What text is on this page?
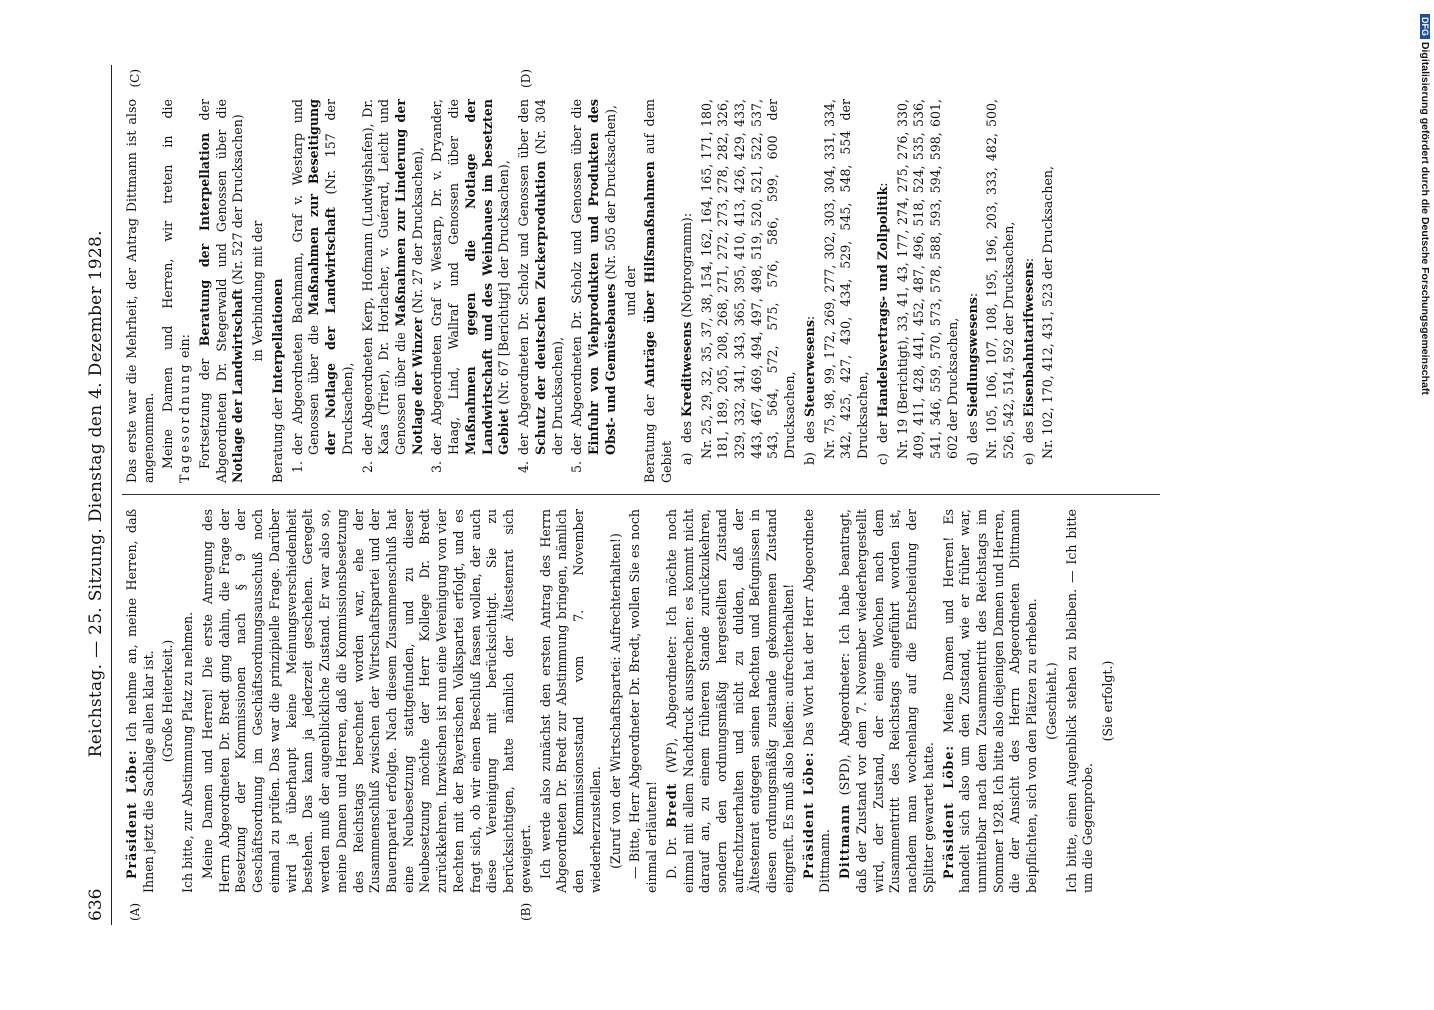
636
Reichstag. — 25. Sitzung. Dienstag den 4. Dezember 1928.
(A)	(B)

Präsident Löbe: Ich nehme an, meine Herren, daß Ihnen jetzt die Sachlage allen klar ist. (Große Heiterkeit.) Ich bitte, zur Abstimmung Platz zu nehmen. Meine Damen und Herren! Die erste Anregung des Herrn Abgeordneten Dr. Bredt ging dahin, die Frage der Besetzung der Kommissionen nach § 9 der Geschäftsordnung im Geschäftsordnungsausschuß noch einmal zu prüfen. Das war die prinzipielle Frage. Darüber wird ja überhaupt keine Meinungsverschiedenheit bestehen. Das kann ja jederzeit geschehen. Geregelt werden muß der augenblickliche Zustand. Er war also so, meine Damen und Herren, daß die Kommissionsbesetzung des Reichstags berechnet worden war, ehe der Zusammenschluß zwischen der Wirtschaftspartei und der Bauernpartei erfolgte. Nach diesem Zusammenschluß hat eine Neubesetzung stattgefunden, und zu dieser Neubesetzung möchte der Herr Kollege Dr. Bredt zurückkehren. Inzwischen ist nun eine Vereinigung von vier Rechten mit der Bayerischen Volkspartei erfolgt, und es fragt sich, ob wir einen Beschluß fassen wollen, der auch diese Vereinigung mit berücksichtigt. Sie zu berücksichtigen, hatte nämlich der Ältestenrat sich geweigert. Ich werde also zunächst den ersten Antrag des Herrn Abgeordneten Dr. Bredt zur Abstimmung bringen, nämlich den Kommissionsstand vom 7. November wiederherzustellen. (Zuruf von der Wirtschaftspartei: Aufrechterhalten!) — Bitte, Herr Abgeordneter Dr. Bredt, wollen Sie es noch einmal erläutern! D. Dr. Bredt (WP), Abgeordneter: Ich möchte noch einmal mit allem Nachdruck aussprechen: es kommt nicht darauf an, zu einem früheren Stande zurückzukehren, sondern den ordnungsmäßig hergestellten Zustand aufrechtzuerhalten und nicht zu dulden, daß der Ältestenrat entgegen seinen Rechten und Befugnissen in diesen ordnungsmäßig zustande gekommenen Zustand eingreift. Es muß also heißen: aufrechterhalten! Präsident Löbe: Das Wort hat der Herr Abgeordnete Dittmann. Dittmann (SPD), Abgeordneter: Ich habe beantragt, daß der Zustand vor dem 7. November wiederhergestellt wird, der Zustand, der einige Wochen nach dem Zusammentritt des Reichstags eingeführt worden ist, nachdem man wochenlang auf die Entscheidung der Splitter gewartet hatte. Präsident Löbe: Meine Damen und Herren! Es handelt sich also um den Zustand, wie er früher war, unmittelbar nach dem Zusammentritt des Reichstags im Sommer 1928. Ich bitte also diejenigen Damen und Herren, die der Ansicht des Herrn Abgeordneten Dittmann beipflichten, sich von den Plätzen zu erheben. (Geschieht.) Ich bitte, einen Augenblick stehen zu bleiben. — Ich bitte um die Gegenprobe.

(Sie erfolgt.)

(C)	(D)

Das erste war die Mehrheit, der Antrag Dittmann ist also angenommen. Meine Damen und Herren, wir treten in die Tagesordnung ein: Fortsetzung der Beratung der Interpellation der Abgeordneten Dr. Stegerwald und Genossen über die Notlage der Landwirtschaft (Nr. 527 der Drucksachen)

in Verbindung mit der

Beratung der Interpellationen

1.
der Abgeordneten Bachmann, Graf v. Westarp und Genossen über die Maßnahmen zur Beseitigung der Notlage der Landwirtschaft (Nr. 157 der Drucksachen),
2.
der Abgeordneten Kerp, Hofmann (Ludwigshafen), Dr. Kaas (Trier), Dr. Horlacher, v. Guérard, Leicht und Genossen über die Maßnahmen zur Linderung der Notlage der Winzer (Nr. 27 der Drucksachen),
3.
der Abgeordneten Graf v. Westarp, Dr. v. Dryander, Haag, Lind, Wallraf und Genossen über die Maßnahmen gegen die Notlage der Landwirtschaft und des Weinbaues im besetzten Gebiet (Nr. 67 [Berichtigt] der Drucksachen),
4.
der Abgeordneten Dr. Scholz und Genossen über den Schutz der deutschen Zuckerproduktion (Nr. 304 der Drucksachen),
5.
der Abgeordneten Dr. Scholz und Genossen über die Einfuhr von Viehprodukten und Produkten des Obst- und Gemüsebaues (Nr. 505 der Drucksachen),

und der

Beratung der Anträge über Hilfsmaßnahmen auf dem Gebiet a)des Kreditwesens (Notprogramm): Nr. 25, 29, 32, 35, 37, 38, 154, 162, 164, 165, 171, 180, 181, 189, 205, 208, 268, 271, 272, 273, 278, 282, 326, 329, 332, 341, 343, 365, 395, 410, 413, 426, 429, 433, 443, 467, 469, 494, 497, 498, 519, 520, 521, 522, 537, 543, 564, 572, 575, 576, 586, 599, 600 der Drucksachen, b)des Steuerwesens: Nr. 75, 98, 99, 172, 269, 277, 302, 303, 304, 331, 334, 342, 425, 427, 430, 434, 529, 545, 548, 554 der Drucksachen,
c)der Handelsvertrags- und Zollpolitik: Nr. 19 (Berichtigt), 33, 41, 43, 177, 274, 275, 276, 330, 409, 411, 428, 441, 452, 487, 496, 518, 524, 535, 536, 541, 546, 559, 570, 573, 578, 588, 593, 594, 598, 601, 602 der Drucksachen, d)des Siedlungswesens: Nr. 105, 106, 107, 108, 195, 196, 203, 333, 482, 500, 526, 542, 514, 592 der Drucksachen, e)des Eisenbahntarifwesens: Nr. 102, 170, 412, 431, 523 der Drucksachen,
DFG Digitalisierung gefördert durch die Deutsche Forschungsgemeinschaft
